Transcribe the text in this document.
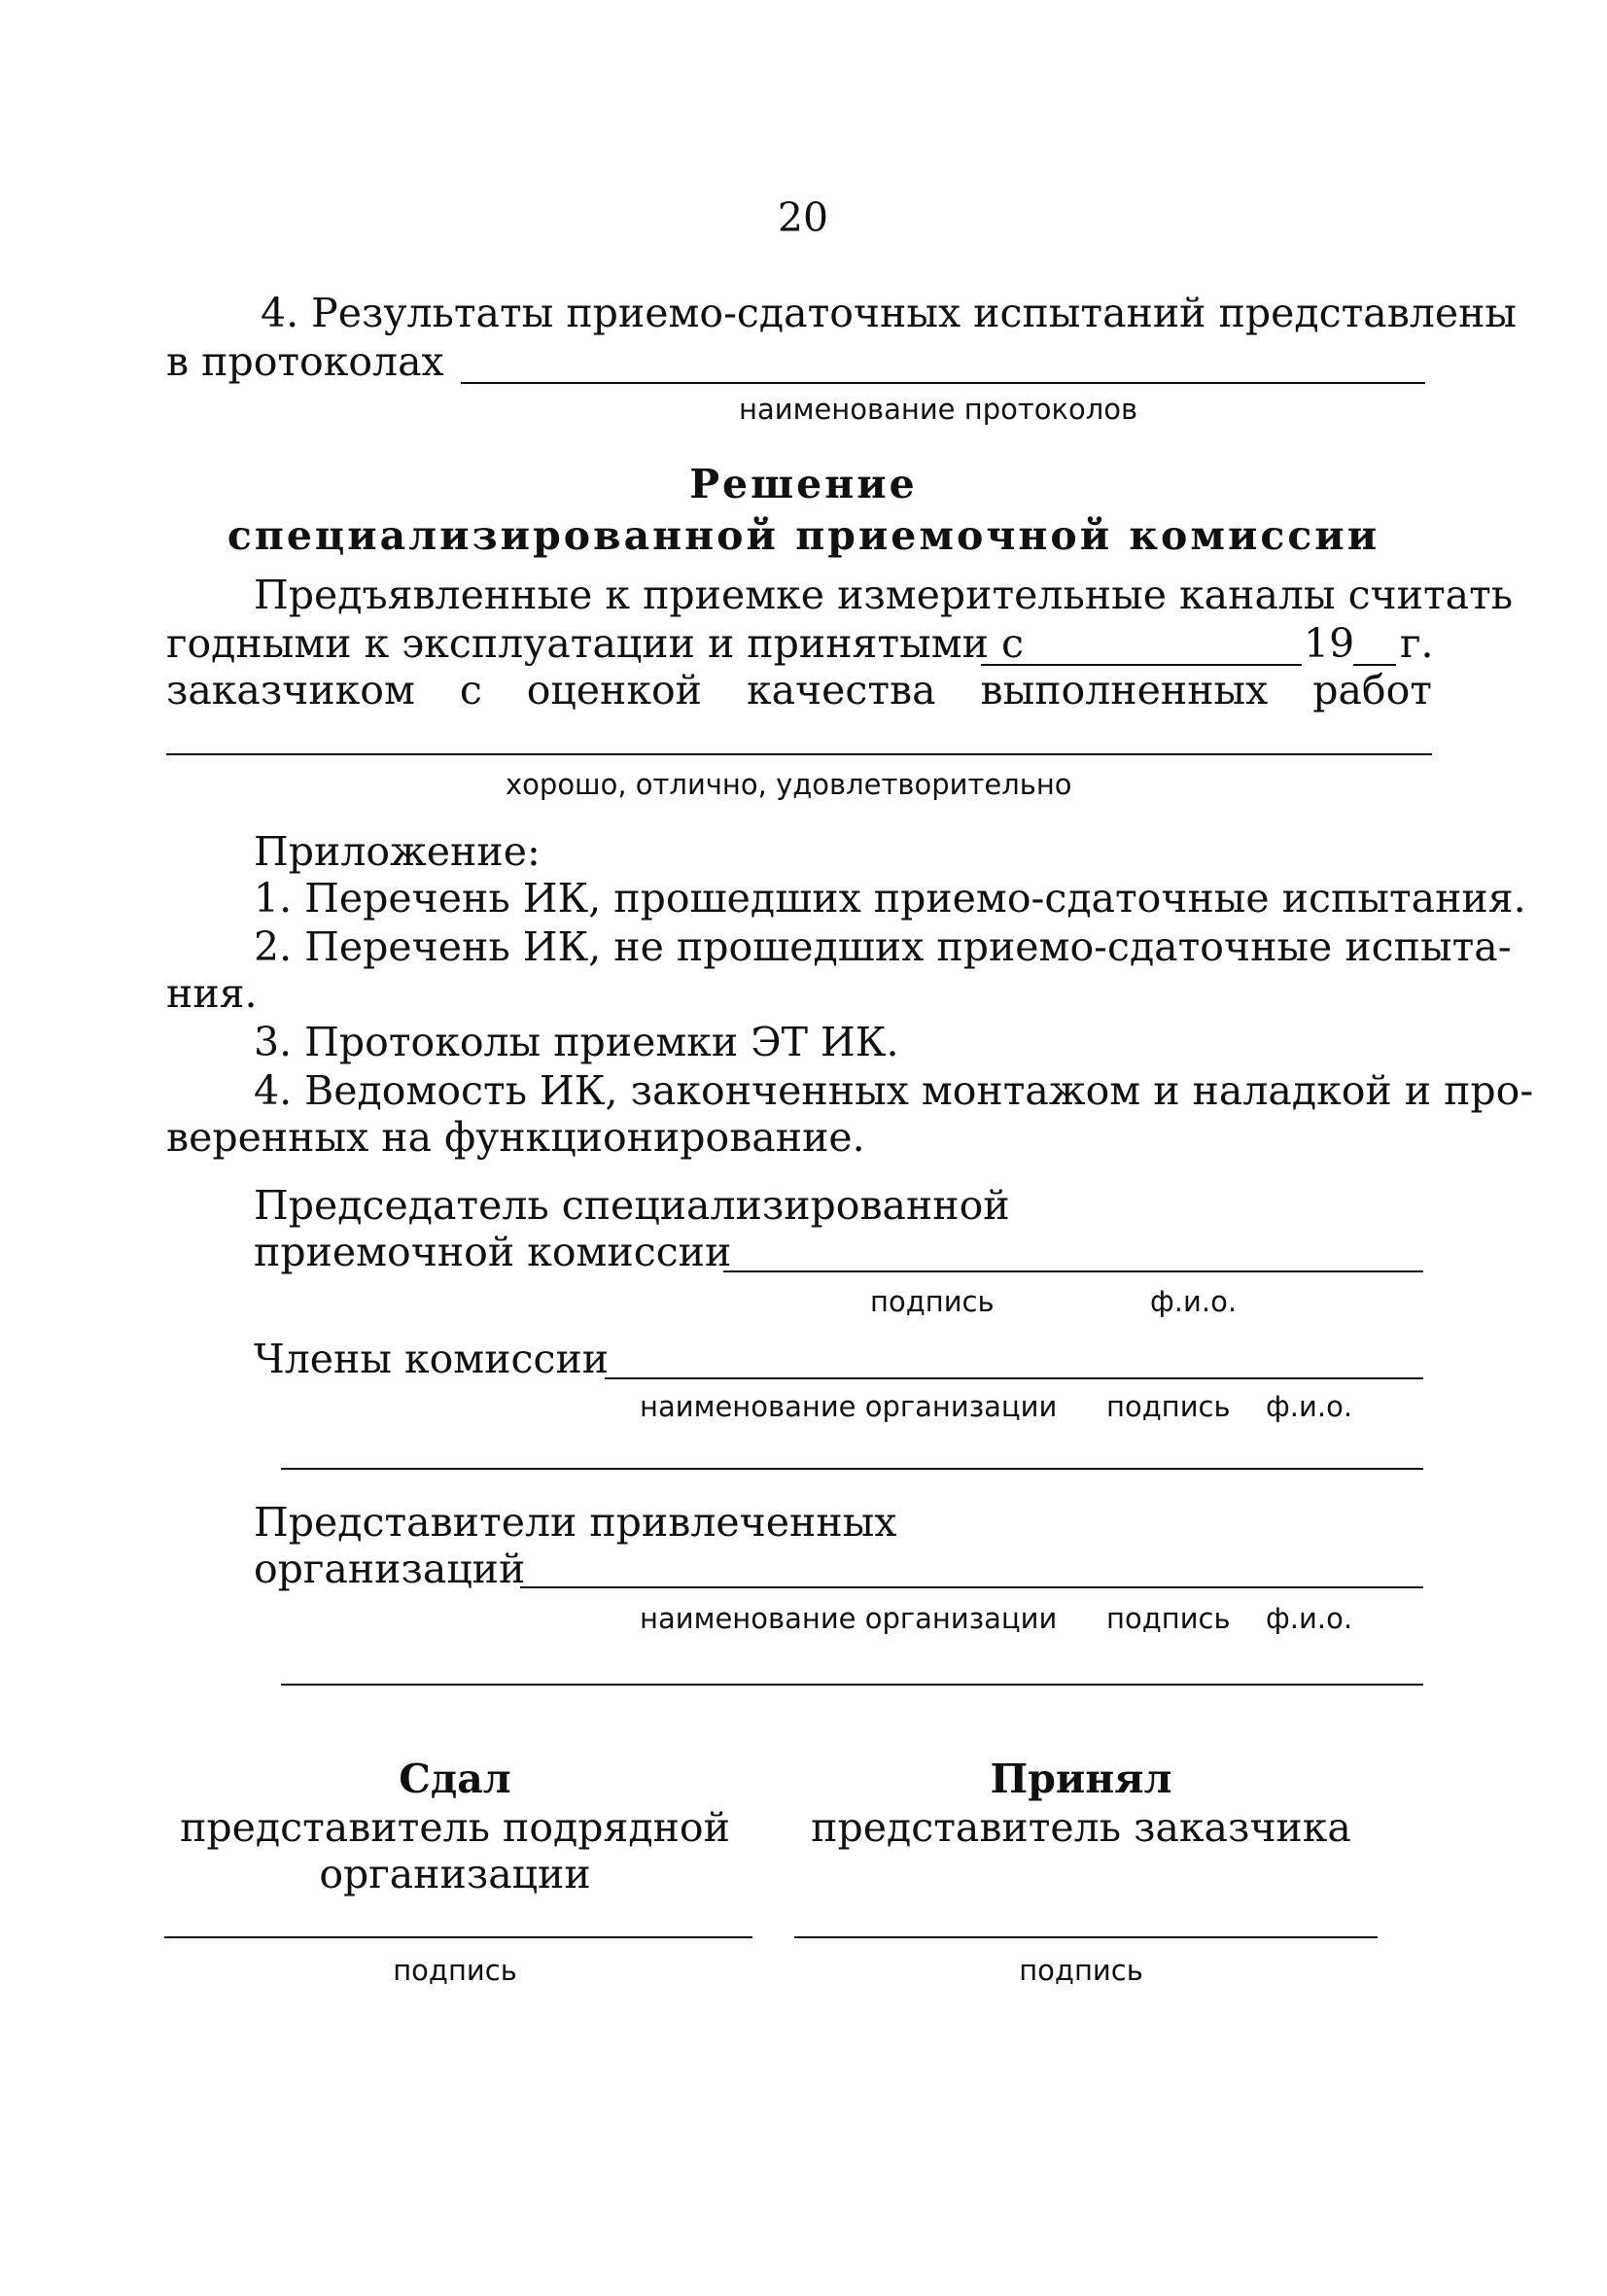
20
4. Результаты приемо-сдаточных испытаний представлены
в протоколах
наименование протоколов
Решение
специализированной приемочной комиссии
Предъявленные к приемке измерительные каналы считать
годными к эксплуатации и принятыми с	19 г.
заказчиком с оценкой качества выполненных работ
хорошо, отлично, удовлетворительно
Приложение:
1. Перечень ИК, прошедших приемо-сдаточные испытания.
2. Перечень ИК, не прошедших приемо-сдаточные испыта-
ния.
3. Протоколы приемки ЭТ ИК.
4. Ведомость ИК, законченных монтажом и наладкой и про-
веренных на функционирование.
Председатель специализированной
приемочной комиссии
подпись	ф.и.о.
Члены комиссии
наименование организации подпись ф.и.о.
Представители привлеченных
организаций
наименование организации подпись ф.и.о.
Сдал
представитель подрядной
организации
подпись
Принял
представитель заказчика
подпись
